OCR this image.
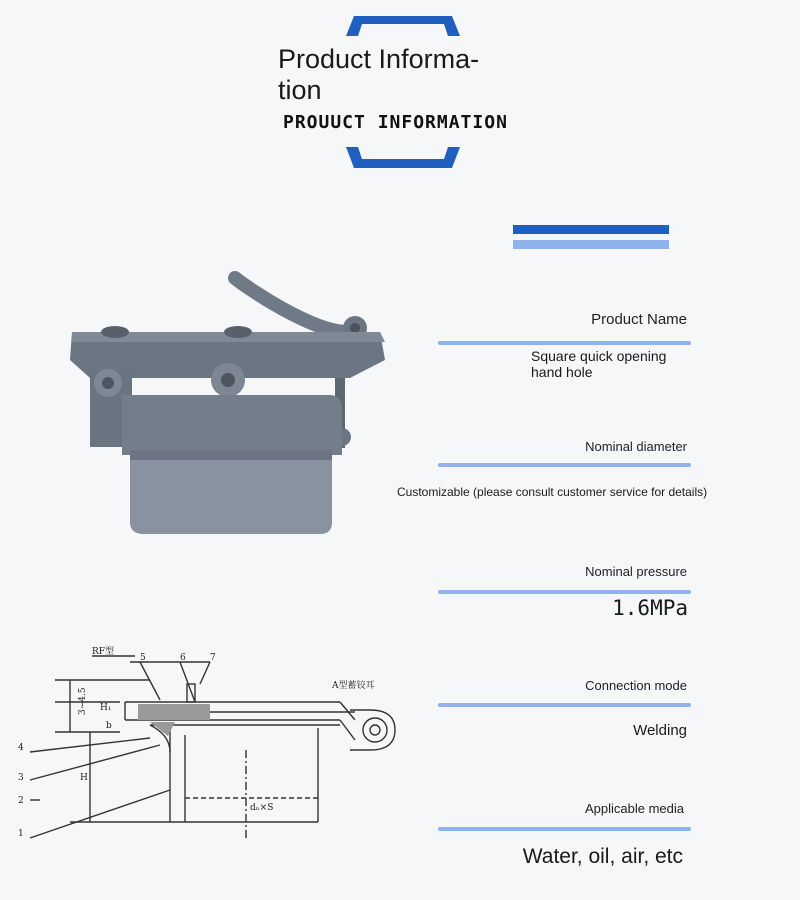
Product Informa-tion
PROUUCT INFORMATION
RF型
A型蓄铰耳
3~4.5 H₁
b
H
dₙ×S
5	6	7
4
3
2
1
Product Name
Square quick opening hand hole
Nominal diameter
Customizable (please consult customer service for details)
Nominal pressure
1.6MPa
Connection mode
Welding
Applicable media
Water, oil, air, etc
